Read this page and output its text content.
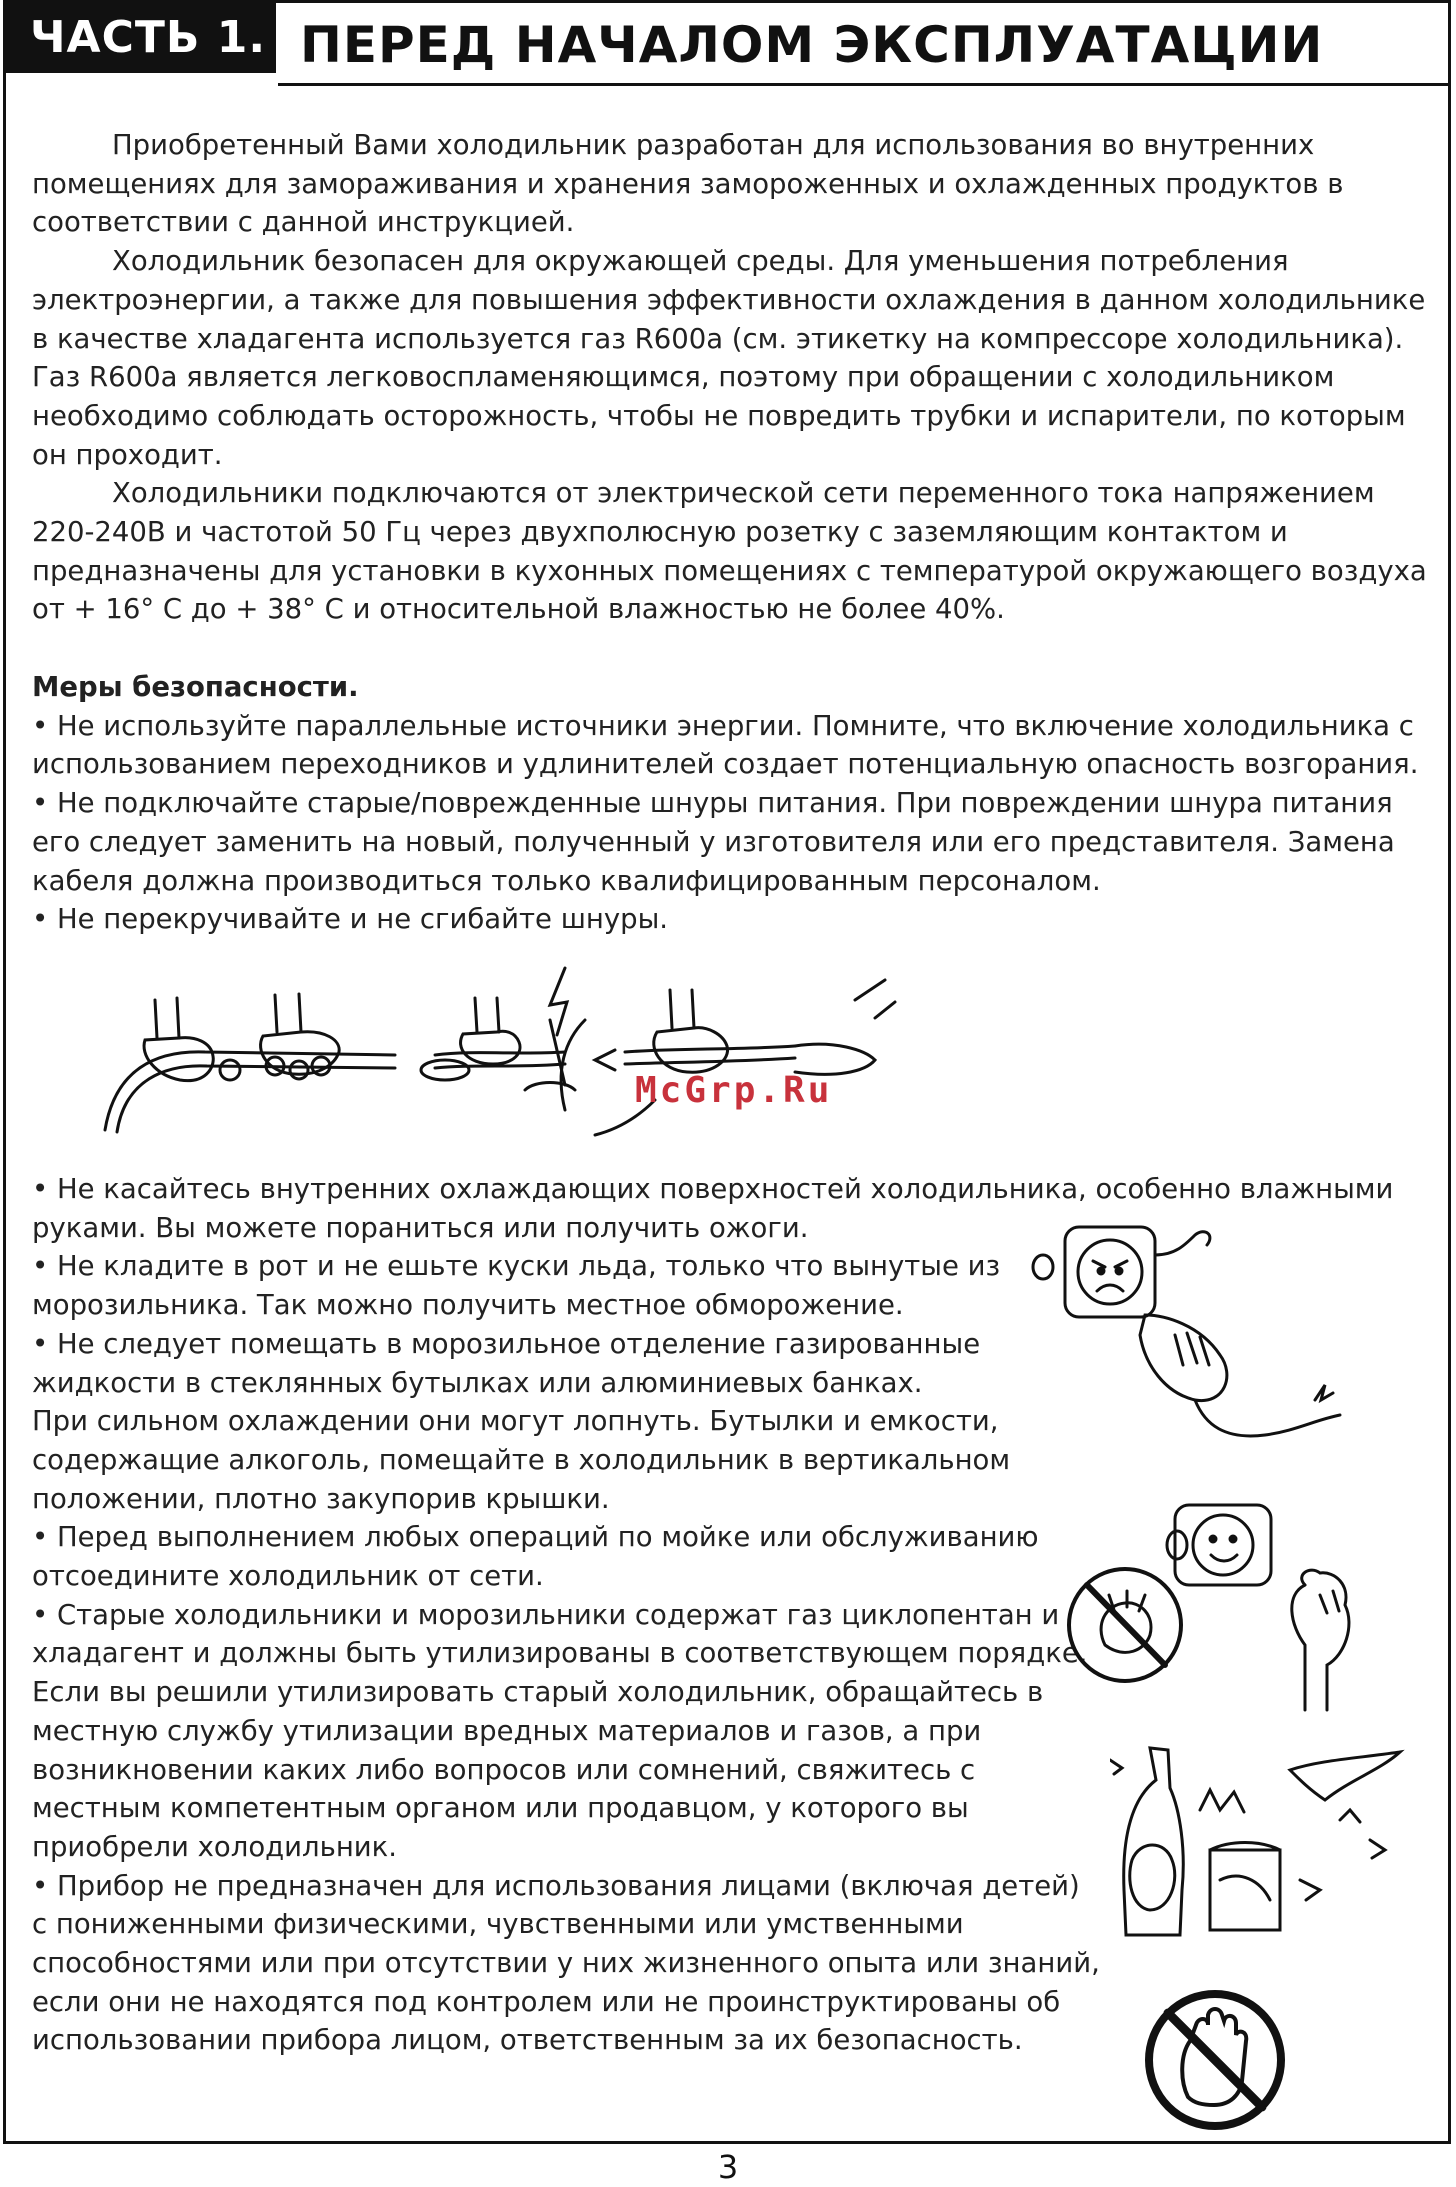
ЧАСТЬ 1. ПЕРЕД НАЧАЛОМ ЭКСПЛУАТАЦИИ

Приобретенный Вами холодильник разработан для использования во внутренних помещениях для замораживания и хранения замороженных и охлажденных продуктов в соответствии с данной инструкцией.

Холодильник безопасен для окружающей среды. Для уменьшения потребления электроэнергии, а также для повышения эффективности охлаждения в данном холодильнике в качестве хладагента используется газ R600a (см. этикетку на компрессоре холодильника). Газ R600a является легковоспламеняющимся, поэтому при обращении с холодильником необходимо соблюдать осторожность, чтобы не повредить трубки и испарители, по которым он проходит.

Холодильники подключаются от электрической сети переменного тока напряжением 220-240В и частотой 50 Гц через двухполюсную розетку с заземляющим контактом и предназначены для установки в кухонных помещениях с температурой окружающего воздуха от + 16° С до + 38° С и относительной влажностью не более 40%.

Меры безопасности.

• Не используйте параллельные источники энергии. Помните, что включение холодильника с использованием переходников и удлинителей создает потенциальную опасность возгорания.

• Не подключайте старые/поврежденные шнуры питания. При повреждении шнура питания его следует заменить на новый, полученный у изготовителя или его представителя. Замена кабеля должна производиться только квалифицированным персоналом.

• Не перекручивайте и не сгибайте шнуры.

McGrp.Ru

• Не касайтесь внутренних охлаждающих поверхностей холодильника, особенно влажными

руками. Вы можете пораниться или получить ожоги.

• Не кладите в рот и не ешьте куски льда, только что вынутые из морозильника. Так можно получить местное обморожение.

• Не следует помещать в морозильное отделение газированные жидкости в стеклянных бутылках или алюминиевых банках.

При сильном охлаждении они могут лопнуть. Бутылки и емкости, содержащие алкоголь, помещайте в холодильник в вертикальном положении, плотно закупорив крышки.

• Перед выполнением любых операций по мойке или обслуживанию отсоедините холодильник от сети.

• Старые холодильники и морозильники содержат газ циклопентан и хладагент и должны быть утилизированы в соответствующем порядке. Если вы решили утилизировать старый холодильник, обращайтесь в местную службу утилизации вредных материалов и газов, а при возникновении каких либо вопросов или сомнений, свяжитесь с местным компетентным органом или продавцом, у которого вы приобрели холодильник.

• Прибор не предназначен для использования лицами (включая детей) с пониженными физическими, чувственными или умственными способностями или при отсутствии у них жизненного опыта или знаний, если они не находятся под контролем или не проинструктированы об использовании прибора лицом, ответственным за их безопасность.

3
